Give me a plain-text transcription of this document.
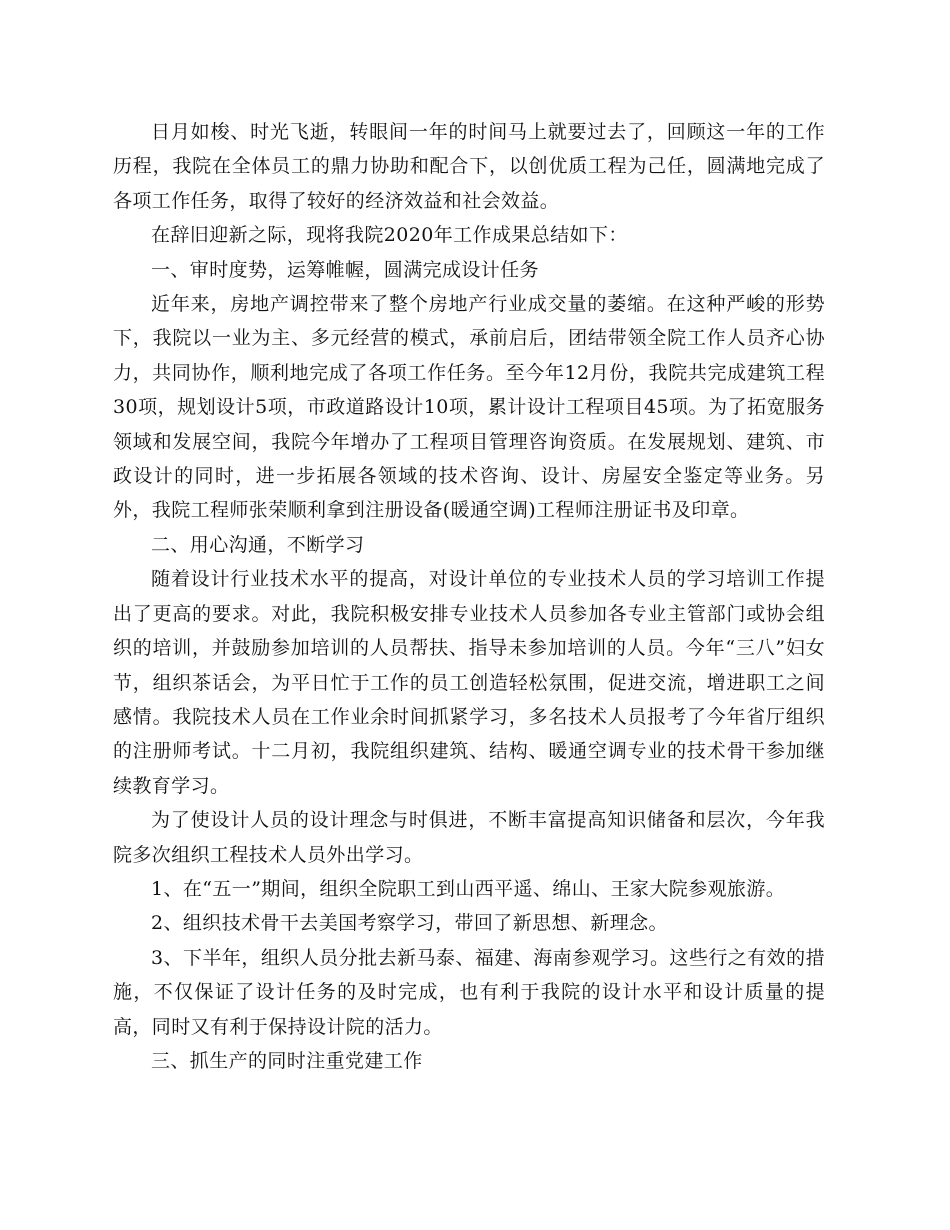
日月如梭、时光飞逝，转眼间一年的时间马上就要过去了，回顾这一年的工作历程，我院在全体员工的鼎力协助和配合下，以创优质工程为己任，圆满地完成了各项工作任务，取得了较好的经济效益和社会效益。

在辞旧迎新之际，现将我院2020年工作成果总结如下：

一、审时度势，运筹帷幄，圆满完成设计任务

近年来，房地产调控带来了整个房地产行业成交量的萎缩。在这种严峻的形势下，我院以一业为主、多元经营的模式，承前启后，团结带领全院工作人员齐心协力，共同协作，顺利地完成了各项工作任务。至今年12月份，我院共完成建筑工程30项，规划设计5项，市政道路设计10项，累计设计工程项目45项。为了拓宽服务领域和发展空间，我院今年增办了工程项目管理咨询资质。在发展规划、建筑、市政设计的同时，进一步拓展各领域的技术咨询、设计、房屋安全鉴定等业务。另外，我院工程师张荣顺利拿到注册设备(暖通空调)工程师注册证书及印章。

二、用心沟通，不断学习

随着设计行业技术水平的提高，对设计单位的专业技术人员的学习培训工作提出了更高的要求。对此，我院积极安排专业技术人员参加各专业主管部门或协会组织的培训，并鼓励参加培训的人员帮扶、指导未参加培训的人员。今年“三八”妇女节，组织茶话会，为平日忙于工作的员工创造轻松氛围，促进交流，增进职工之间感情。我院技术人员在工作业余时间抓紧学习，多名技术人员报考了今年省厅组织的注册师考试。十二月初，我院组织建筑、结构、暖通空调专业的技术骨干参加继续教育学习。

为了使设计人员的设计理念与时俱进，不断丰富提高知识储备和层次，今年我院多次组织工程技术人员外出学习。

1、在“五一”期间，组织全院职工到山西平遥、绵山、王家大院参观旅游。

2、组织技术骨干去美国考察学习，带回了新思想、新理念。

3、下半年，组织人员分批去新马泰、福建、海南参观学习。这些行之有效的措施，不仅保证了设计任务的及时完成，也有利于我院的设计水平和设计质量的提高，同时又有利于保持设计院的活力。

三、抓生产的同时注重党建工作
